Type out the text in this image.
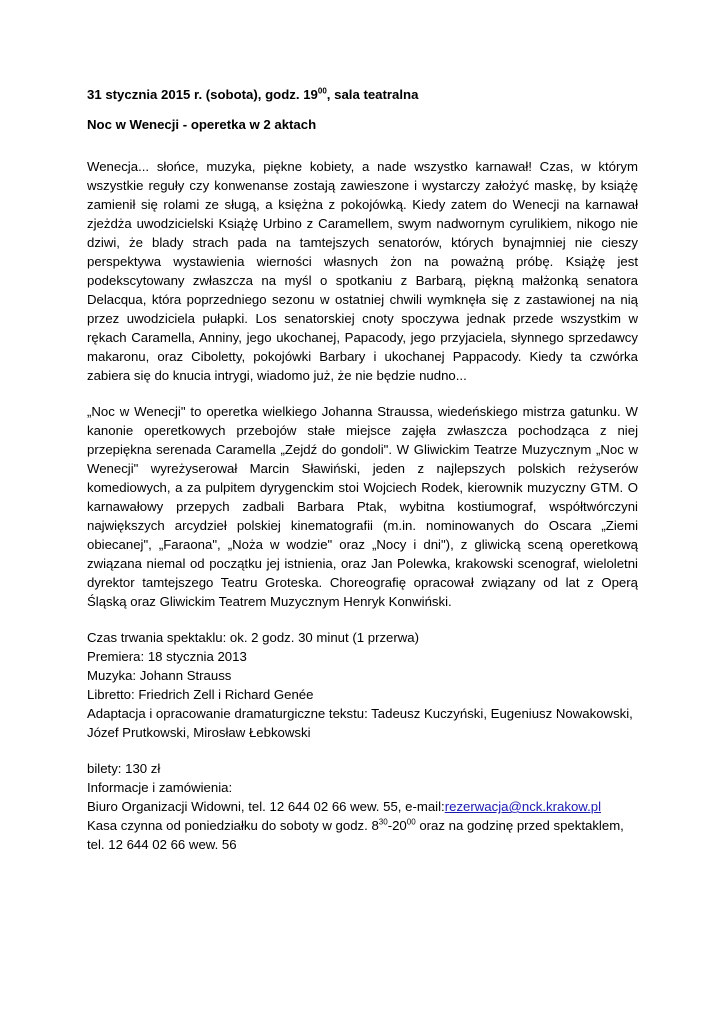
31 stycznia 2015 r. (sobota), godz. $19^{00}$, sala teatralna
Noc w Wenecji - operetka w 2 aktach

Wenecja... słońce, muzyka, piękne kobiety, a nade wszystko karnawał! Czas, w którym wszystkie reguły czy konwenanse zostają zawieszone i wystarczy założyć maskę, by książę zamienił się rolami ze sługą, a księżna z pokojówką. Kiedy zatem do Wenecji na karnawał zjeżdża uwodzicielski Książę Urbino z Caramellem, swym nadwornym cyrulikiem, nikogo nie dziwi, że blady strach pada na tamtejszych senatorów, których bynajmniej nie cieszy perspektywa wystawienia wierności własnych żon na poważną próbę. Książę jest podekscytowany zwłaszcza na myśl o spotkaniu z Barbarą, piękną małżonką senatora Delacqua, która poprzedniego sezonu w ostatniej chwili wymknęła się z zastawionej na nią przez uwodziciela pułapki. Los senatorskiej cnoty spoczywa jednak przede wszystkim w rękach Caramella, Anniny, jego ukochanej, Papacody, jego przyjaciela, słynnego sprzedawcy makaronu, oraz Ciboletty, pokojówki Barbary i ukochanej Pappacody. Kiedy ta czwórka zabiera się do knucia intrygi, wiadomo już, że nie będzie nudno...

„Noc w Wenecji" to operetka wielkiego Johanna Straussa, wiedeńskiego mistrza gatunku. W kanonie operetkowych przebojów stałe miejsce zajęła zwłaszcza pochodząca z niej przepiękna serenada Caramella „Zejdź do gondoli". W Gliwickim Teatrze Muzycznym „Noc w Wenecji" wyreżyserował Marcin Sławiński, jeden z najlepszych polskich reżyserów komediowych, a za pulpitem dyrygenckim stoi Wojciech Rodek, kierownik muzyczny GTM. O karnawałowy przepych zadbali Barbara Ptak, wybitna kostiumograf, współtwórczyni największych arcydzieł polskiej kinematografii (m.in. nominowanych do Oscara „Ziemi obiecanej", „Faraona", „Noża w wodzie" oraz „Nocy i dni"), z gliwicką sceną operetkową związana niemal od początku jej istnienia, oraz Jan Polewka, krakowski scenograf, wieloletni dyrektor tamtejszego Teatru Groteska. Choreografię opracował związany od lat z Operą Śląską oraz Gliwickim Teatrem Muzycznym Henryk Konwiński.

Czas trwania spektaklu: ok. 2 godz. 30 minut (1 przerwa)
Premiera: 18 stycznia 2013
Muzyka: Johann Strauss
Libretto: Friedrich Zell i Richard Genée
Adaptacja i opracowanie dramaturgiczne tekstu: Tadeusz Kuczyński, Eugeniusz Nowakowski,
Józef Prutkowski, Mirosław Łebkowski
bilety: 130 zł
Informacje i zamówienia:
Biuro Organizacji Widowni, tel. 12 644 02 66 wew. 55, e-mail:rezerwacja@nck.krakow.pl
Kasa czynna od poniedziałku do soboty w godz. $8^{30}-20^{00}$ oraz na godzinę przed spektaklem,
tel. 12 644 02 66 wew. 56
